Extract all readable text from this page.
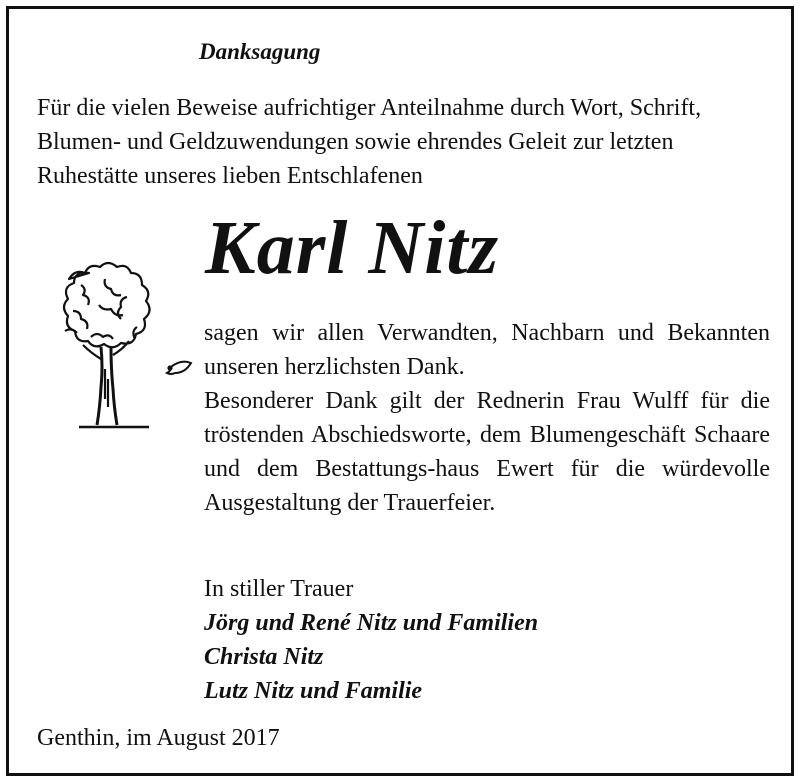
Danksagung
Für die vielen Beweise aufrichtiger Anteilnahme durch Wort, Schrift, Blumen- und Geldzuwendungen sowie ehrendes Geleit zur letzten Ruhestätte unseres lieben Entschlafenen
Karl Nitz

sagen wir allen Verwandten, Nachbarn und Bekannten unseren herzlichsten Dank.

Besonderer Dank gilt der Rednerin Frau Wulff für die tröstenden Abschiedsworte, dem Blumengeschäft Schaare und dem Bestattungs-haus Ewert für die würdevolle Ausgestaltung der Trauerfeier.

In stiller Trauer
Jörg und René Nitz und Familien
Christa Nitz
Lutz Nitz und Familie
Genthin, im August 2017
